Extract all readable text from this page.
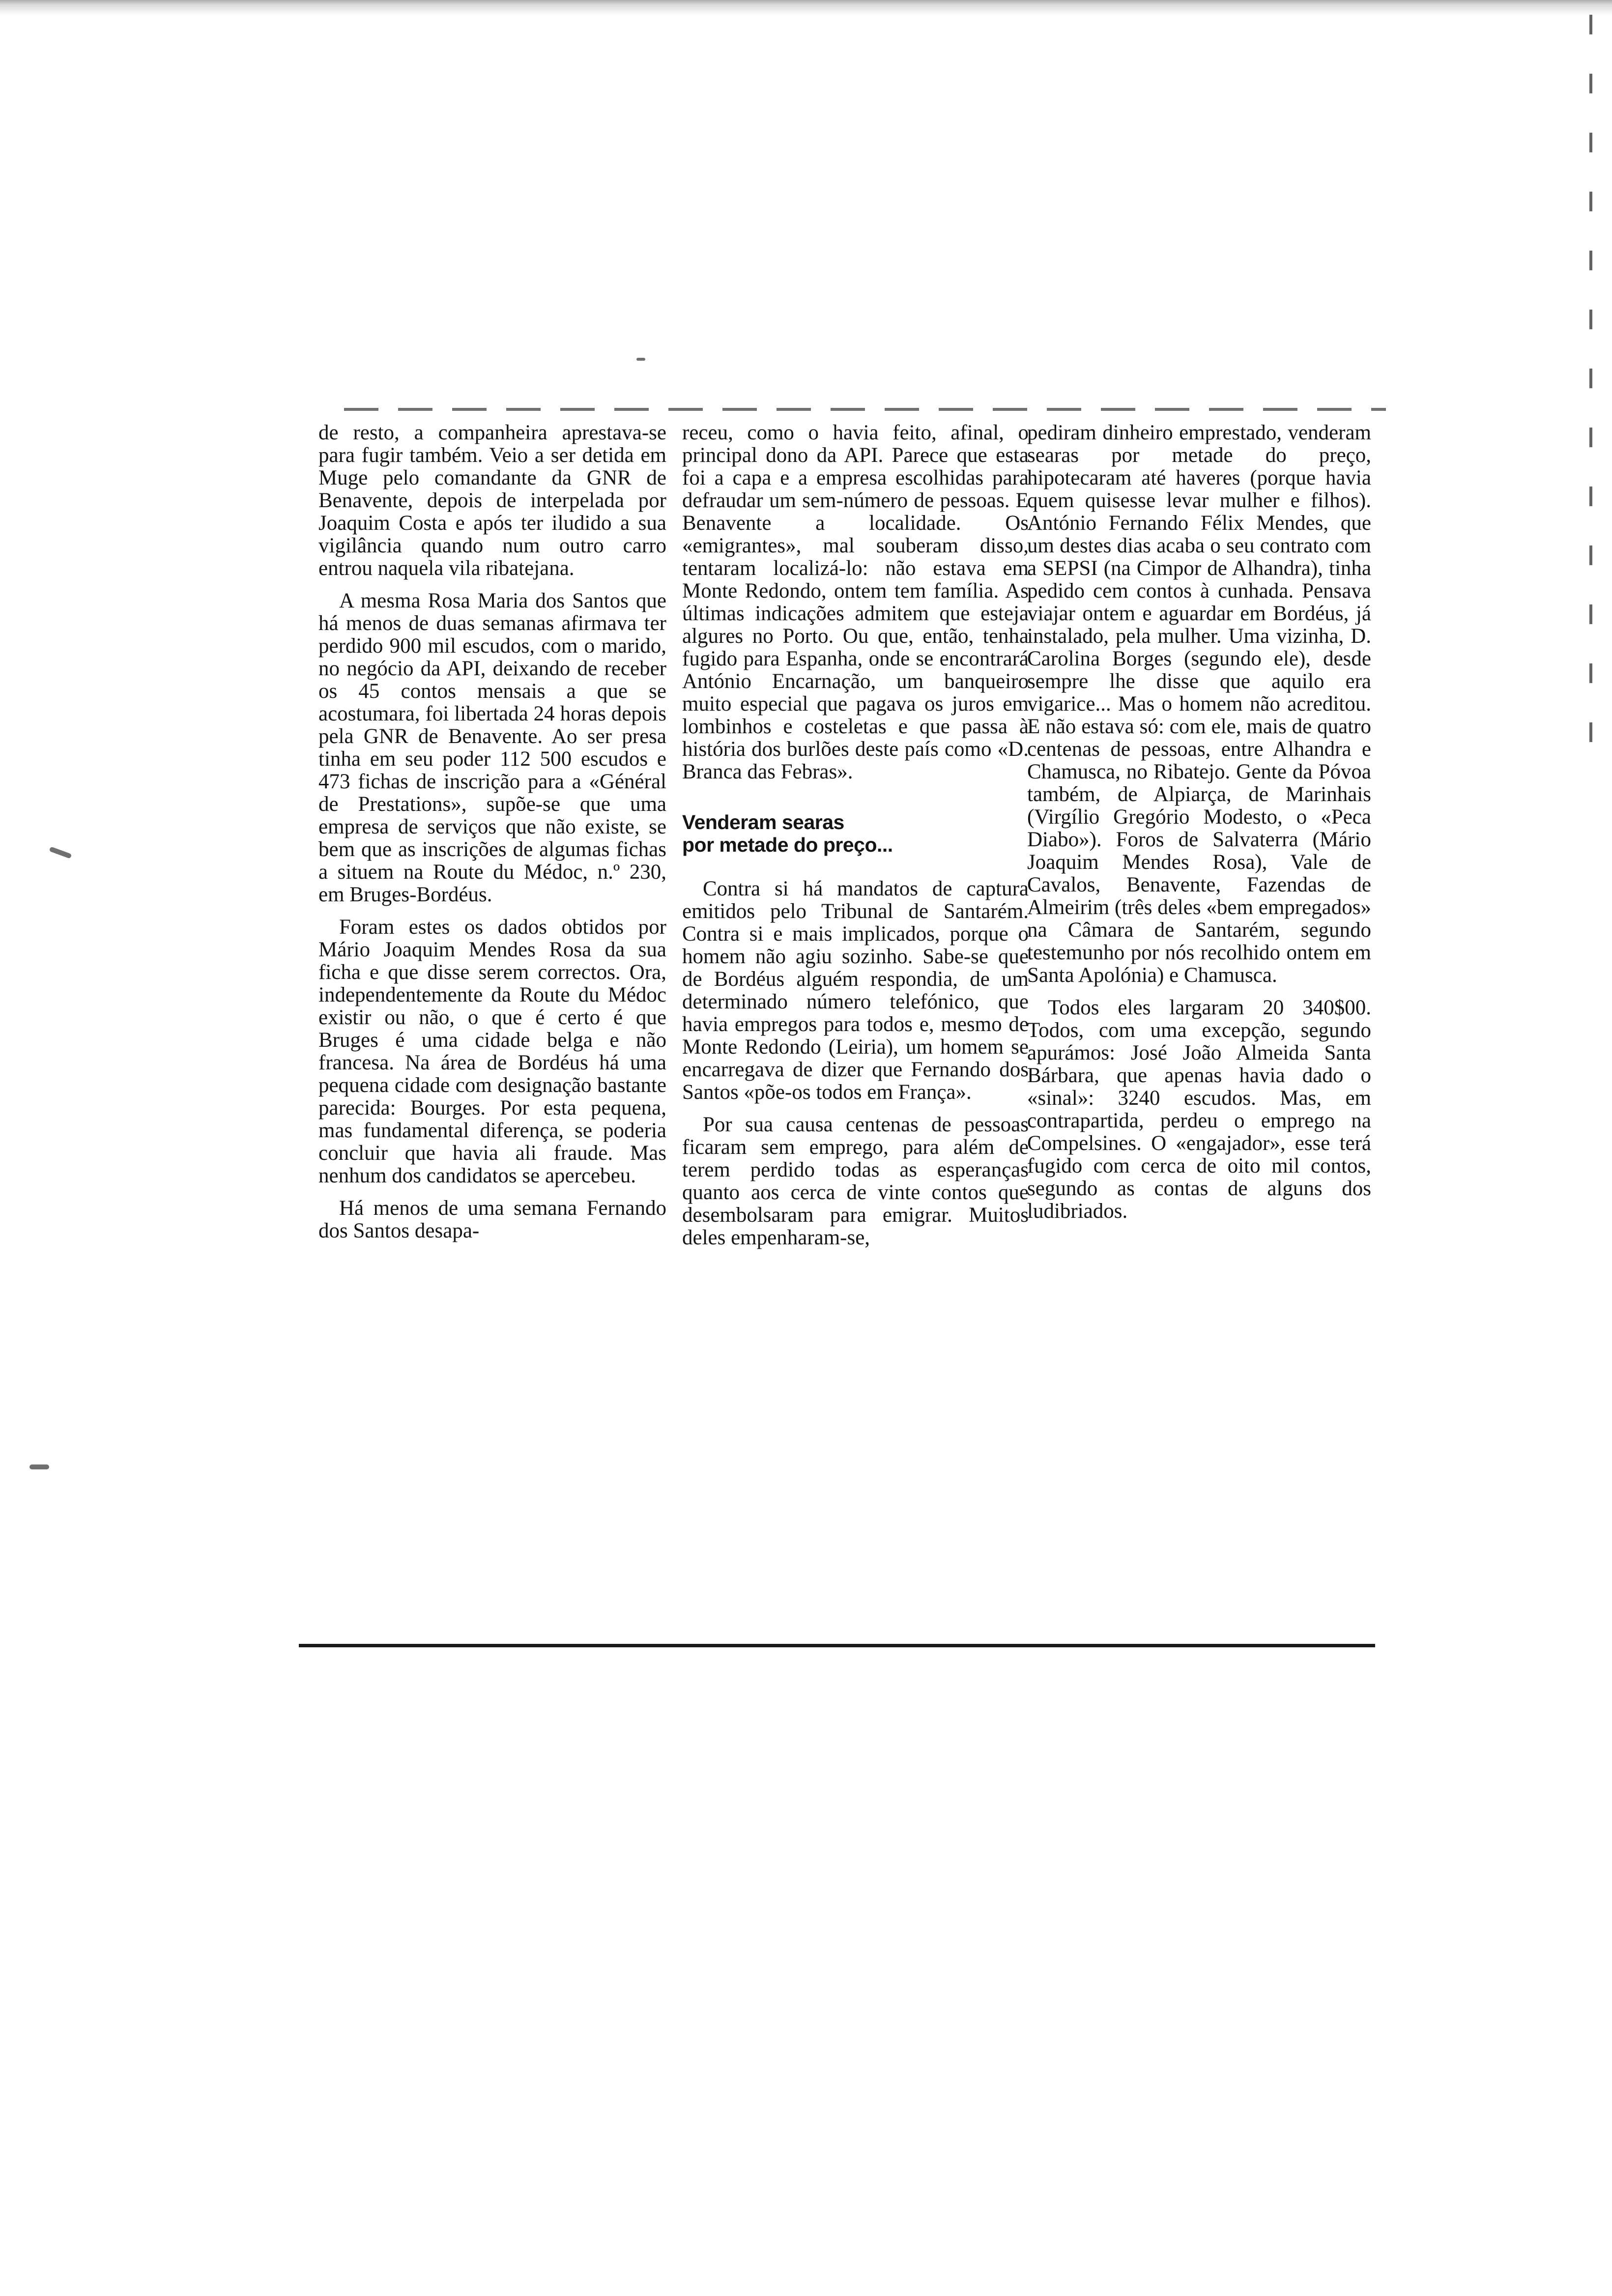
de resto, a companheira aprestava-se para fugir também. Veio a ser detida em Muge pelo comandante da GNR de Benavente, depois de interpelada por Joaquim Costa e após ter iludido a sua vigilância quando num outro carro entrou naquela vila ribatejana.

A mesma Rosa Maria dos Santos que há menos de duas semanas afirmava ter perdido 900 mil escudos, com o marido, no negócio da API, deixando de receber os 45 contos mensais a que se acostumara, foi libertada 24 horas depois pela GNR de Benavente. Ao ser presa tinha em seu poder 112 500 escudos e 473 fichas de inscrição para a «Général de Prestations», supõe-se que uma empresa de serviços que não existe, se bem que as inscrições de algumas fichas a situem na Route du Médoc, n.º 230, em Bruges-Bordéus.

Foram estes os dados obtidos por Mário Joaquim Mendes Rosa da sua ficha e que disse serem correctos. Ora, independentemente da Route du Médoc existir ou não, o que é certo é que Bruges é uma cidade belga e não francesa. Na área de Bordéus há uma pequena cidade com designação bastante parecida: Bourges. Por esta pequena, mas fundamental diferença, se poderia concluir que havia ali fraude. Mas nenhum dos candidatos se apercebeu.

Há menos de uma semana Fernando dos Santos desapa-

receu, como o havia feito, afinal, o principal dono da API. Parece que esta foi a capa e a empresa escolhidas para defraudar um sem-número de pessoas. E Benavente a localidade. Os «emigrantes», mal souberam disso, tentaram localizá-lo: não estava em Monte Redondo, ontem tem família. As últimas indicações admitem que esteja algures no Porto. Ou que, então, tenha fugido para Espanha, onde se encontrará António Encarnação, um banqueiro muito especial que pagava os juros em lombinhos e costeletas e que passa à história dos burlões deste país como «D. Branca das Febras».

Venderam searas
por metade do preço...

Contra si há mandatos de captura emitidos pelo Tribunal de Santarém. Contra si e mais implicados, porque o homem não agiu sozinho. Sabe-se que de Bordéus alguém respondia, de um determinado número telefónico, que havia empregos para todos e, mesmo de Monte Redondo (Leiria), um homem se encarregava de dizer que Fernando dos Santos «põe-os todos em França».

Por sua causa centenas de pessoas ficaram sem emprego, para além de terem perdido todas as esperanças quanto aos cerca de vinte contos que desembolsaram para emigrar. Muitos deles empenharam-se,

pediram dinheiro emprestado, venderam searas por metade do preço, hipotecaram até haveres (porque havia quem quisesse levar mulher e filhos). António Fernando Félix Mendes, que um destes dias acaba o seu contrato com a SEPSI (na Cimpor de Alhandra), tinha pedido cem contos à cunhada. Pensava viajar ontem e aguardar em Bordéus, já instalado, pela mulher. Uma vizinha, D. Carolina Borges (segundo ele), desde sempre lhe disse que aquilo era vigarice... Mas o homem não acreditou. E não estava só: com ele, mais de quatro centenas de pessoas, entre Alhandra e Chamusca, no Ribatejo. Gente da Póvoa também, de Alpiarça, de Marinhais (Virgílio Gregório Modesto, o «Peca Diabo»). Foros de Salvaterra (Mário Joaquim Mendes Rosa), Vale de Cavalos, Benavente, Fazendas de Almeirim (três deles «bem empregados» na Câmara de Santarém, segundo testemunho por nós recolhido ontem em Santa Apolónia) e Chamusca.

Todos eles largaram 20 340$00. Todos, com uma excepção, segundo apurámos: José João Almeida Santa Bárbara, que apenas havia dado o «sinal»: 3240 escudos. Mas, em contrapartida, perdeu o emprego na Compelsines. O «engajador», esse terá fugido com cerca de oito mil contos, segundo as contas de alguns dos ludibriados.
